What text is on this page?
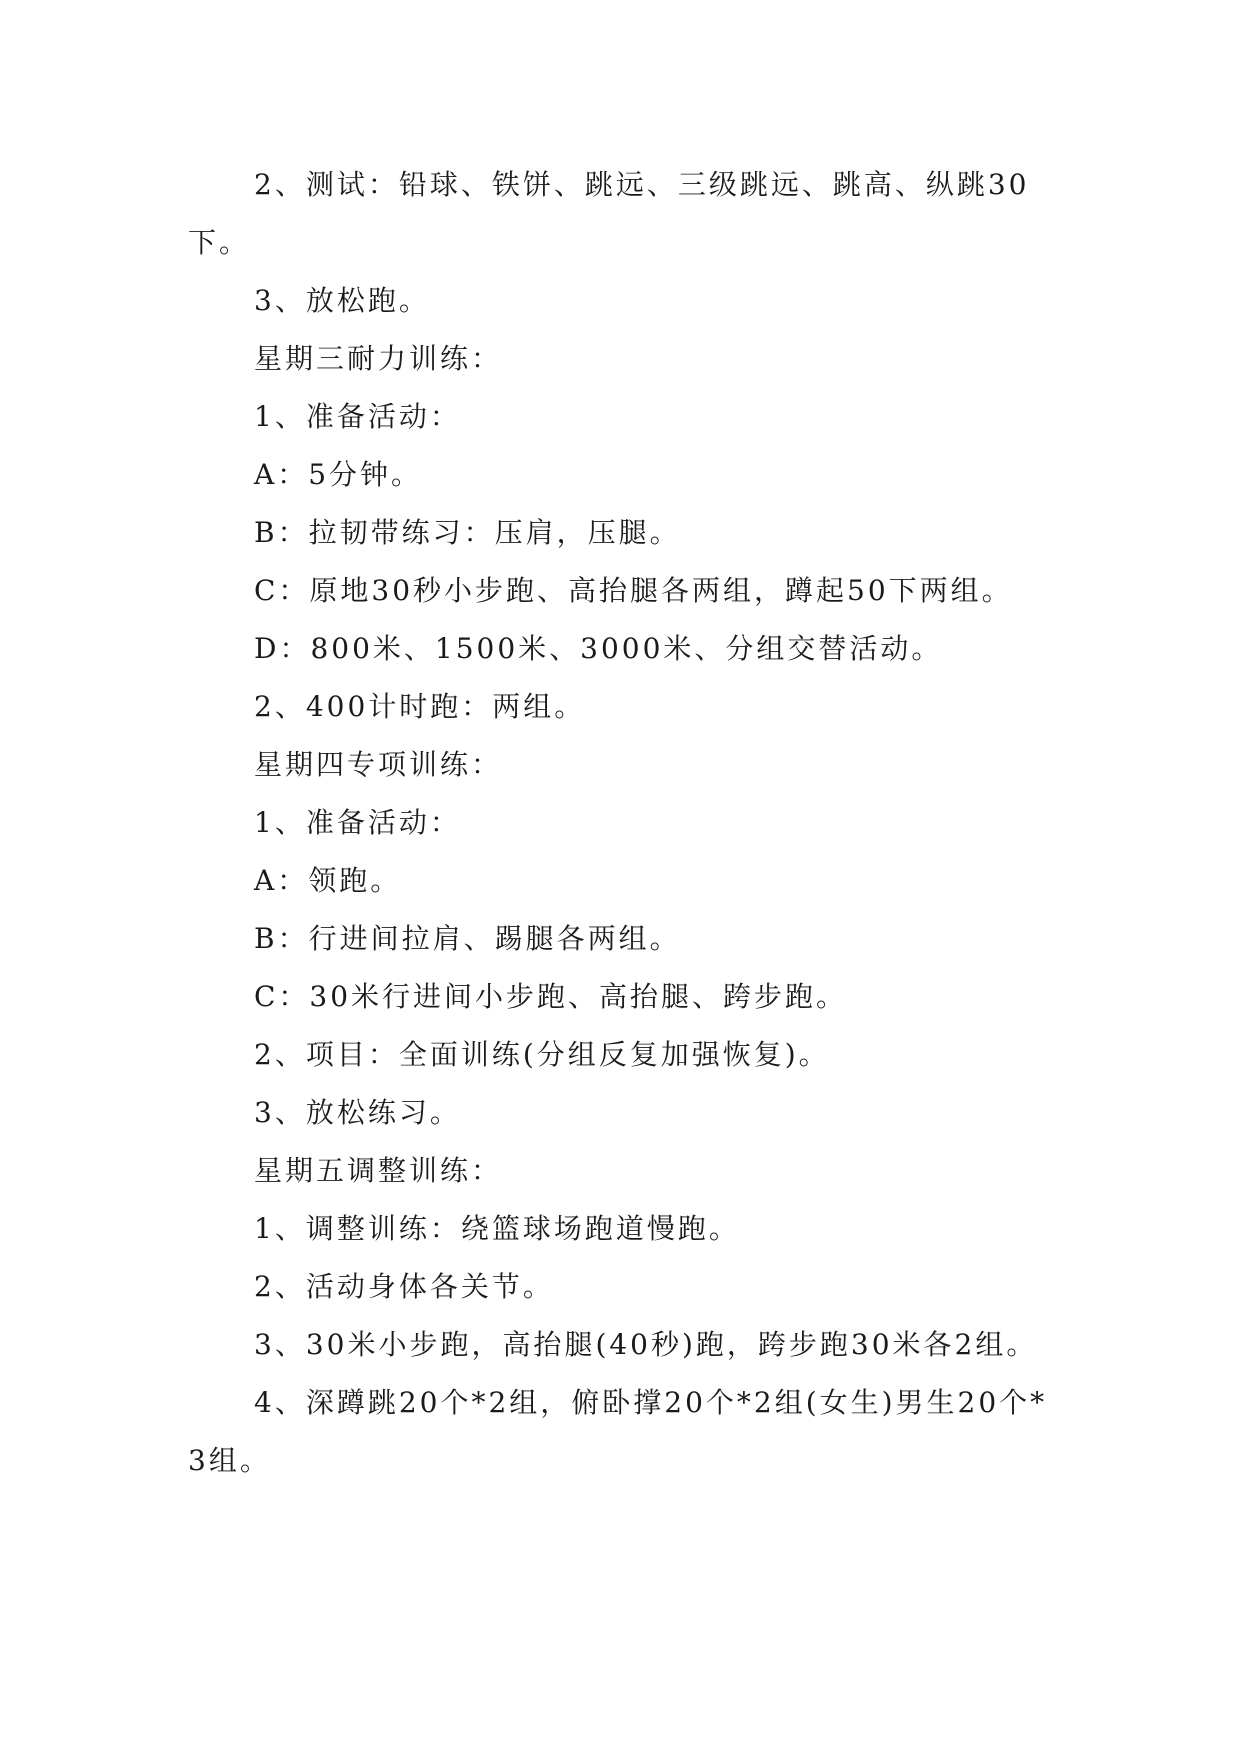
2、测试：铅球、铁饼、跳远、三级跳远、跳高、纵跳30下。

3、放松跑。

星期三耐力训练：

1、准备活动：

A：5分钟。

B：拉韧带练习：压肩，压腿。

C：原地30秒小步跑、高抬腿各两组，蹲起50下两组。

D：800米、1500米、3000米、分组交替活动。

2、400计时跑：两组。

星期四专项训练：

1、准备活动：

A：领跑。

B：行进间拉肩、踢腿各两组。

C：30米行进间小步跑、高抬腿、跨步跑。

2、项目：全面训练(分组反复加强恢复)。

3、放松练习。

星期五调整训练：

1、调整训练：绕篮球场跑道慢跑。

2、活动身体各关节。

3、30米小步跑，高抬腿(40秒)跑，跨步跑30米各2组。

4、深蹲跳20个*2组，俯卧撑20个*2组(女生)男生20个*3组。
